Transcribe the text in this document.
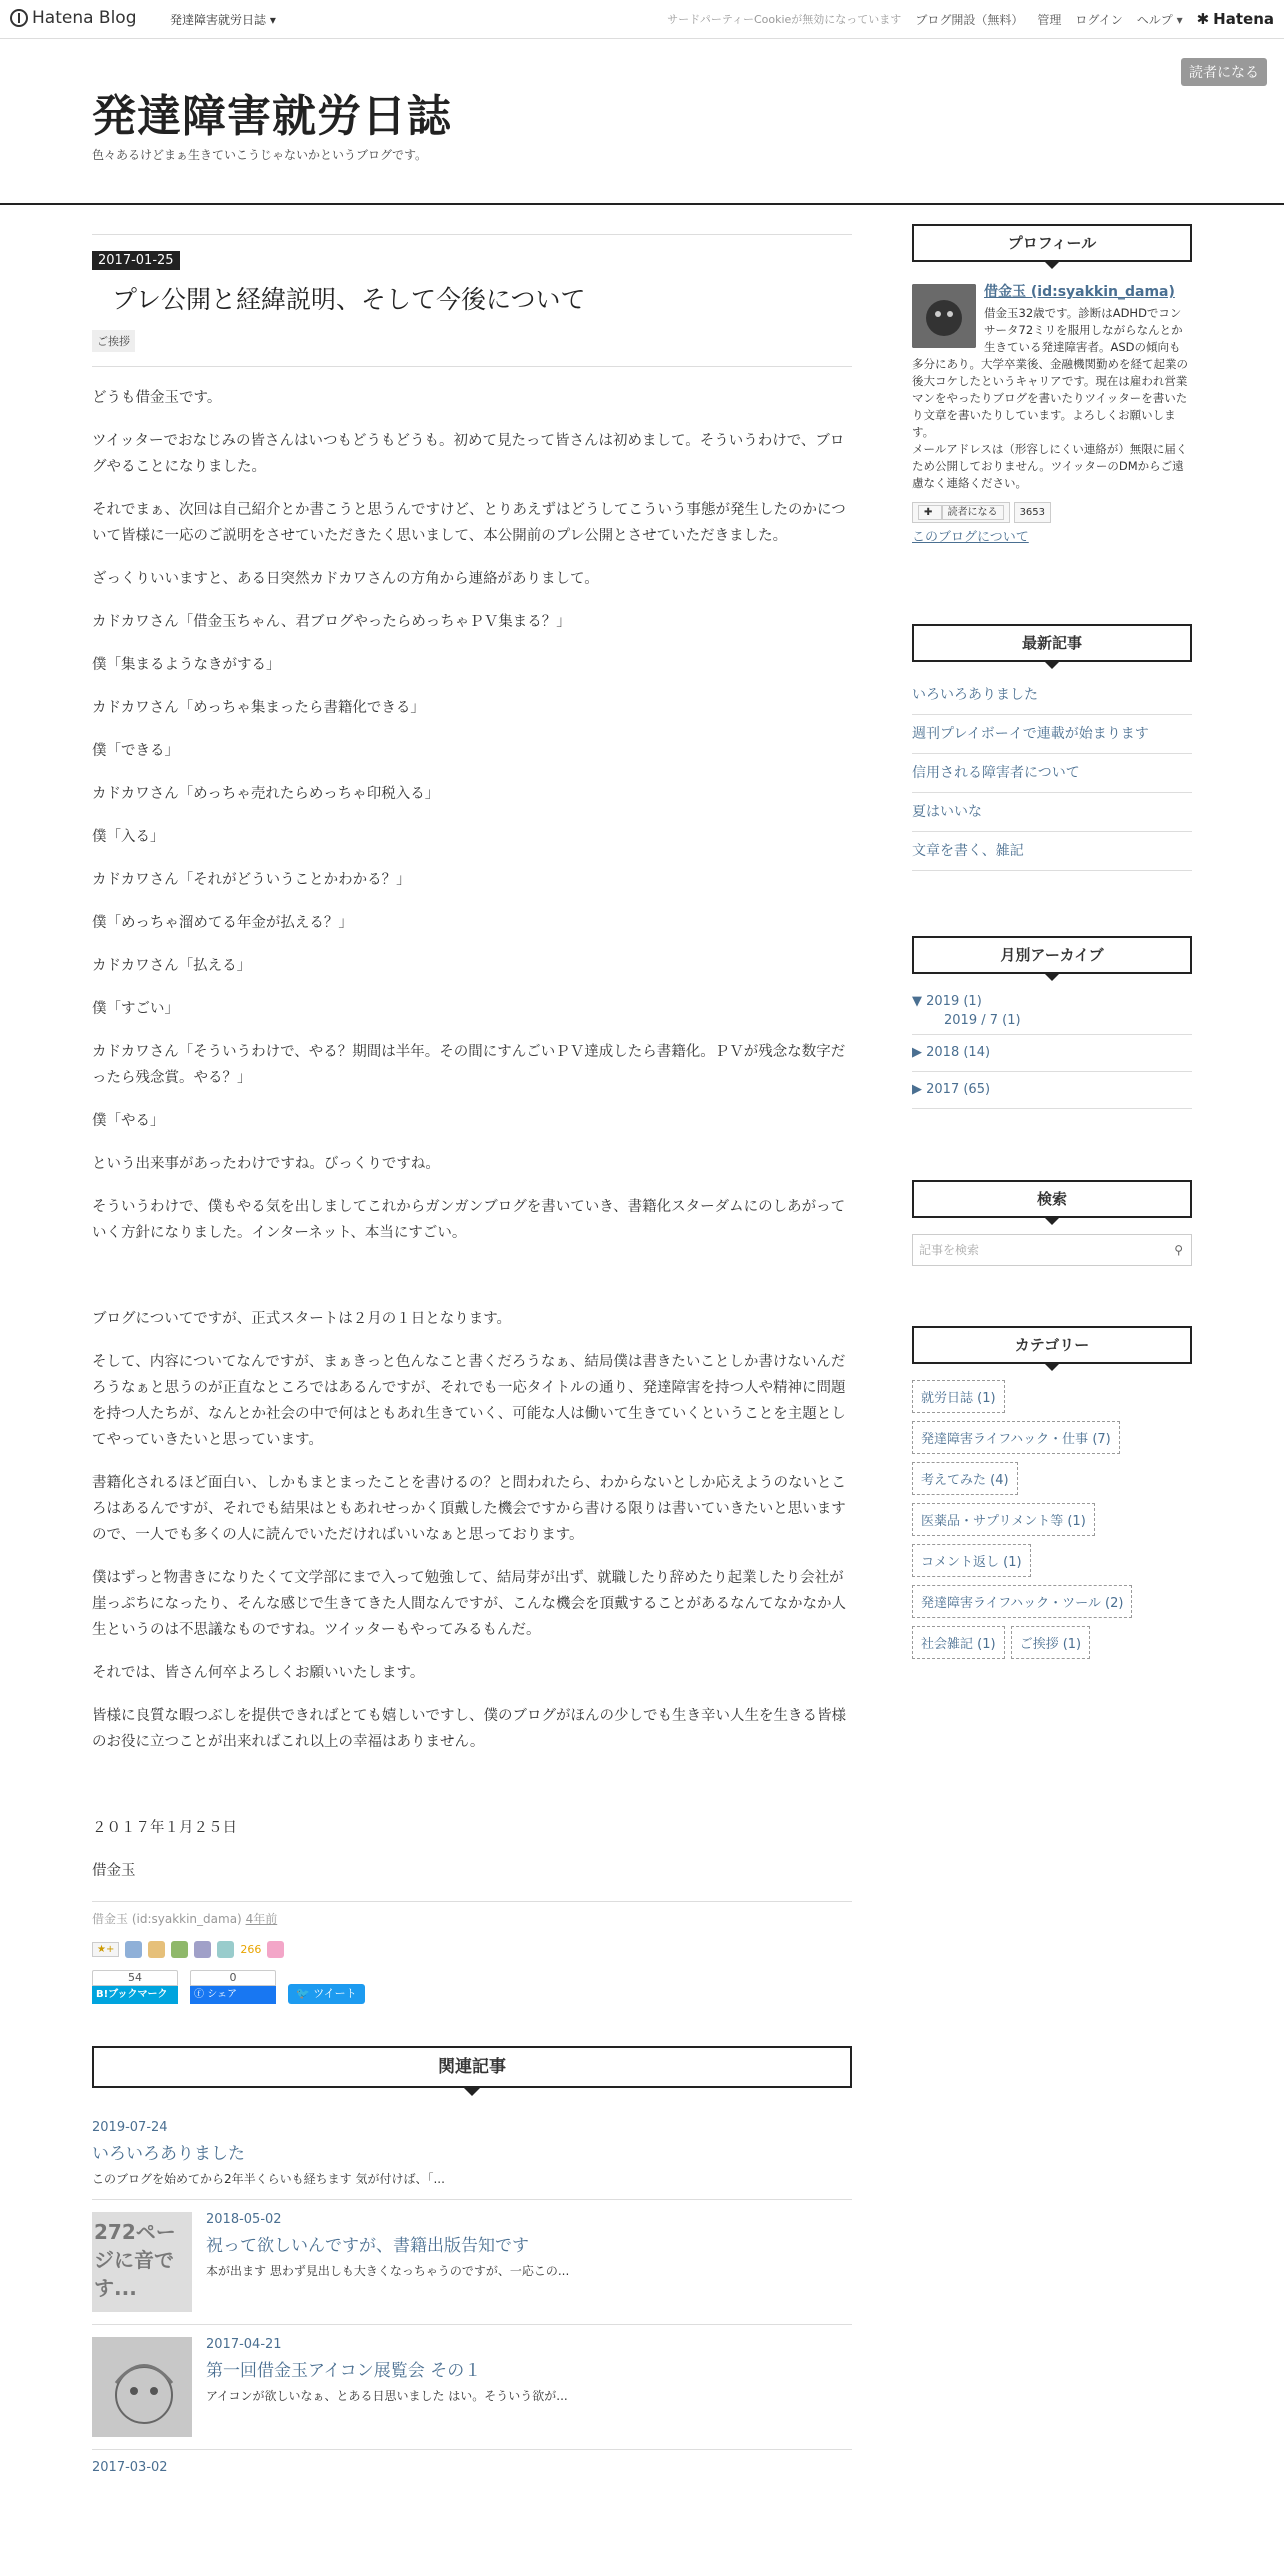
Hatena Blog	発達障害就労日誌 ▾	サードパーティーCookieが無効になっています ブログ開設（無料） 管理 ログイン ヘルプ ▾ ✱ Hatena
発達障害就労日誌
色々あるけどまぁ生きていこうじゃないかというブログです。
読者になる
2017-01-25
プレ公開と経緯説明、そして今後について
ご挨拶

どうも借金玉です。

ツイッターでおなじみの皆さんはいつもどうもどうも。初めて見たって皆さんは初めまして。そういうわけで、ブログやることになりました。

それでまぁ、次回は自己紹介とか書こうと思うんですけど、とりあえずはどうしてこういう事態が発生したのかについて皆様に一応のご説明をさせていただきたく思いまして、本公開前のプレ公開とさせていただきました。

ざっくりいいますと、ある日突然カドカワさんの方角から連絡がありまして。

カドカワさん「借金玉ちゃん、君ブログやったらめっちゃＰＶ集まる？」

僕「集まるようなきがする」

カドカワさん「めっちゃ集まったら書籍化できる」

僕「できる」

カドカワさん「めっちゃ売れたらめっちゃ印税入る」

僕「入る」

カドカワさん「それがどういうことかわかる？」

僕「めっちゃ溜めてる年金が払える？」

カドカワさん「払える」

僕「すごい」

カドカワさん「そういうわけで、やる？期間は半年。その間にすんごいＰＶ達成したら書籍化。ＰＶが残念な数字だったら残念賞。やる？」

僕「やる」

という出来事があったわけですね。びっくりですね。

そういうわけで、僕もやる気を出しましてこれからガンガンブログを書いていき、書籍化スターダムにのしあがっていく方針になりました。インターネット、本当にすごい。

ブログについてですが、正式スタートは２月の１日となります。

そして、内容についてなんですが、まぁきっと色んなこと書くだろうなぁ、結局僕は書きたいことしか書けないんだろうなぁと思うのが正直なところではあるんですが、それでも一応タイトルの通り、発達障害を持つ人や精神に問題を持つ人たちが、なんとか社会の中で何はともあれ生きていく、可能な人は働いて生きていくということを主題としてやっていきたいと思っています。

書籍化されるほど面白い、しかもまとまったことを書けるの？と問われたら、わからないとしか応えようのないところはあるんですが、それでも結果はともあれせっかく頂戴した機会ですから書ける限りは書いていきたいと思いますので、一人でも多くの人に読んでいただければいいなぁと思っております。

僕はずっと物書きになりたくて文学部にまで入って勉強して、結局芽が出ず、就職したり辞めたり起業したり会社が崖っぷちになったり、そんな感じで生きてきた人間なんですが、こんな機会を頂戴することがあるなんてなかなか人生というのは不思議なものですね。ツイッターもやってみるもんだ。

それでは、皆さん何卒よろしくお願いいたします。

皆様に良質な暇つぶしを提供できればとても嬉しいですし、僕のブログがほんの少しでも生き辛い人生を生きる皆様のお役に立つことが出来ればこれ以上の幸福はありません。

２０１７年１月２５日

借金玉

借金玉 (id:syakkin_dama) 4年前
★+	266
54
B!ブックマーク
0
ⓕ シェア	🐦 ツイート
関連記事
2019-07-24
いろいろありました
このブログを始めてから2年半くらいも経ちます 気が付けば、「...
272ページに音です...
2018-05-02
祝って欲しいんですが、書籍出版告知です
本が出ます 思わず見出しも大きくなっちゃうのですが、一応この...
2017-04-21
第一回借金玉アイコン展覧会 その１
アイコンが欲しいなぁ、とある日思いました はい。そういう欲が...
2017-03-02
プロフィール
借金玉 (id:syakkin_dama)
借金玉32歳です。診断はADHDでコンサータ72ミリを服用しながらなんとか生きている発達障害者。ASDの傾向も多分にあり。大学卒業後、金融機関勤めを経て起業の後大コケしたというキャリアです。現在は雇われ営業マンをやったりブログを書いたりツイッターを書いたり文章を書いたりしています。よろしくお願いします。
メールアドレスは（形容しにくい連絡が）無限に届くため公開しておりません。ツイッターのDMからご遠慮なく連絡ください。
✚ 読者になる	3653
このブログについて
最新記事
いろいろありました
週刊プレイボーイで連載が始まります
信用される障害者について
夏はいいな
文章を書く、雑記
月別アーカイブ
▼ 2019 (1)
2019 / 7 (1)
▶ 2018 (14)
▶ 2017 (65)
検索
記事を検索	⚲
カテゴリー
就労日誌 (1)
発達障害ライフハック・仕事 (7)
考えてみた (4)
医薬品・サプリメント等 (1)
コメント返し (1)
発達障害ライフハック・ツール (2)
社会雑記 (1)	ご挨拶 (1)
